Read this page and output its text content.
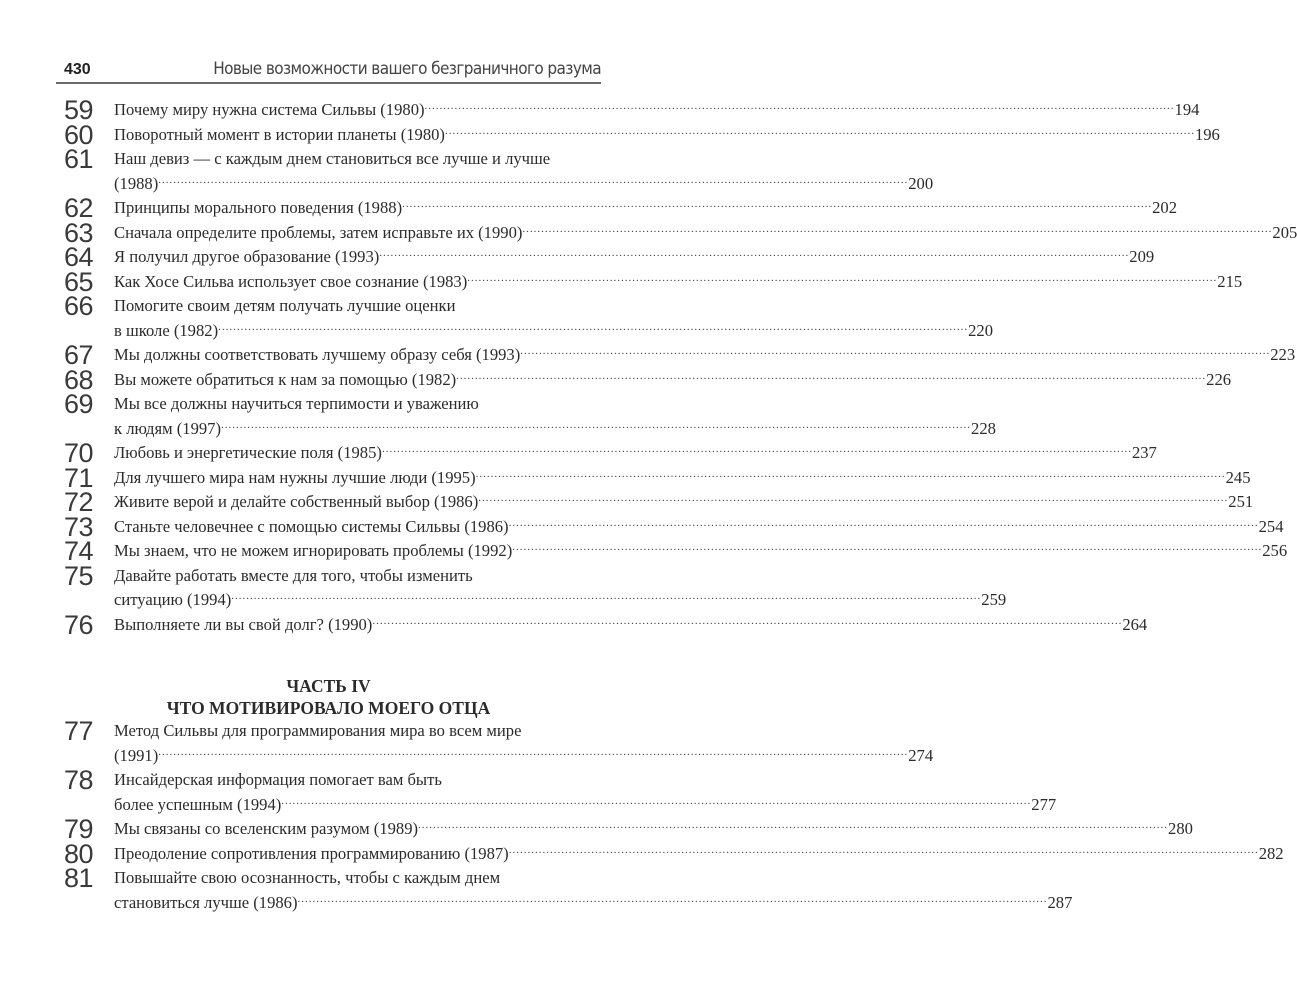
430	Новые возможности вашего безграничного разума
59 Почему миру нужна система Сильвы (1980) ........................................................................................................................................................................................................ 194
60 Поворотный момент в истории планеты (1980) ........................................................................................................................................................................................................ 196
61 Наш девиз — с каждым днем становиться все лучше и лучше
(1988) ........................................................................................................................................................................................................ 200
62 Принципы морального поведения (1988) ........................................................................................................................................................................................................ 202
63 Сначала определите проблемы, затем исправьте их (1990) ........................................................................................................................................................................................................ 205
64 Я получил другое образование (1993) ........................................................................................................................................................................................................ 209
65 Как Хосе Сильва использует свое сознание (1983) ........................................................................................................................................................................................................ 215
66 Помогите своим детям получать лучшие оценки
в школе (1982) ........................................................................................................................................................................................................ 220
67 Мы должны соответствовать лучшему образу себя (1993) ........................................................................................................................................................................................................ 223
68 Вы можете обратиться к нам за помощью (1982) ........................................................................................................................................................................................................ 226
69 Мы все должны научиться терпимости и уважению
к людям (1997) ........................................................................................................................................................................................................ 228
70 Любовь и энергетические поля (1985) ........................................................................................................................................................................................................ 237
71 Для лучшего мира нам нужны лучшие люди (1995) ........................................................................................................................................................................................................ 245
72 Живите верой и делайте собственный выбор (1986) ........................................................................................................................................................................................................ 251
73 Станьте человечнее с помощью системы Сильвы (1986) ........................................................................................................................................................................................................ 254
74 Мы знаем, что не можем игнорировать проблемы (1992) ........................................................................................................................................................................................................ 256
75 Давайте работать вместе для того, чтобы изменить
ситуацию (1994) ........................................................................................................................................................................................................ 259
76 Выполняете ли вы свой долг? (1990) ........................................................................................................................................................................................................ 264
ЧАСТЬ IV
ЧТО МОТИВИРОВАЛО МОЕГО ОТЦА
77 Метод Сильвы для программирования мира во всем мире
(1991) ........................................................................................................................................................................................................ 274
78 Инсайдерская информация помогает вам быть
более успешным (1994) ........................................................................................................................................................................................................ 277
79 Мы связаны со вселенским разумом (1989) ........................................................................................................................................................................................................ 280
80 Преодоление сопротивления программированию (1987) ........................................................................................................................................................................................................ 282
81 Повышайте свою осознанность, чтобы с каждым днем
становиться лучше (1986) ........................................................................................................................................................................................................ 287
